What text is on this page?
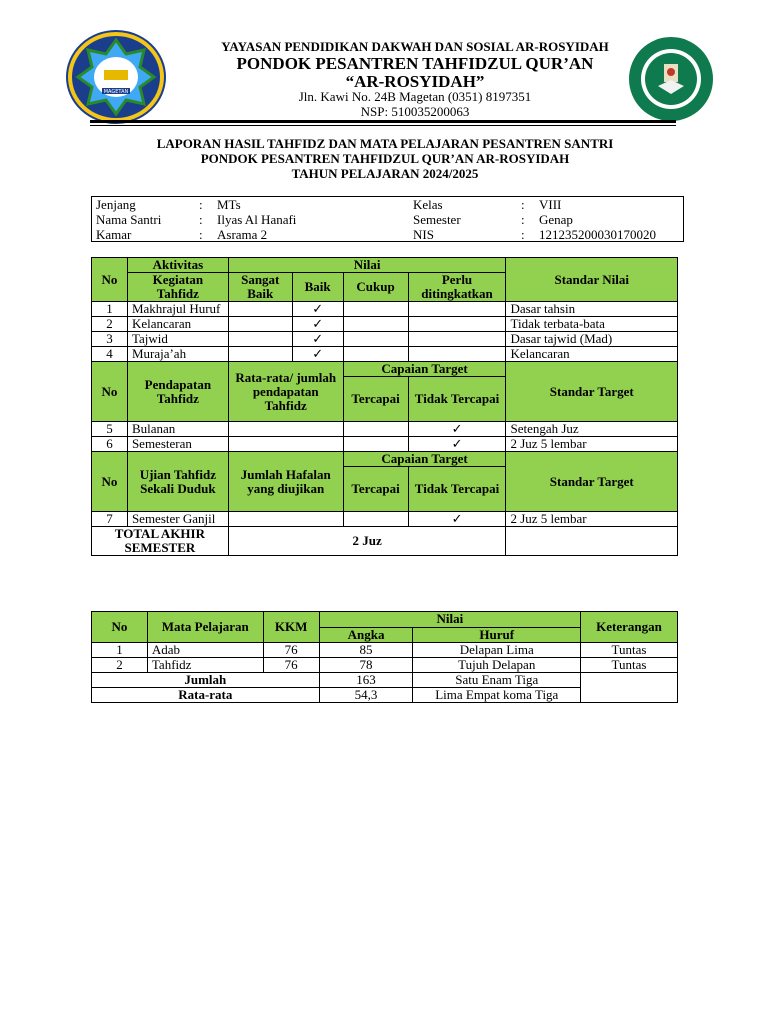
MAGETAN
YAYASAN PENDIDIKAN DAKWAH DAN SOSIAL AR-ROSYIDAH
PONDOK PESANTREN TAHFIDZUL QUR’AN
“AR-ROSYIDAH”
Jln. Kawi No. 24B Magetan (0351) 8197351
NSP: 510035200063
LAPORAN HASIL TAHFIDZ DAN MATA PELAJARAN PESANTREN SANTRI
PONDOK PESANTREN TAHFIDZUL QUR’AN AR-ROSYIDAH
TAHUN PELAJARAN 2024/2025
Jenjang	:	MTs	Kelas	:	VIII
Nama Santri	:	Ilyas Al Hanafi	Semester	:	Genap
Kamar	:	Asrama 2	NIS	:	121235200030170020
No	Aktivitas	Nilai				Standar Nilai
	Kegiatan Tahfidz	Sangat Baik	Baik	Cukup	Perlu ditingkatkan	
1	Makhrajul Huruf		✓			Dasar tahsin
2	Kelancaran		✓			Tidak terbata-bata
3	Tajwid		✓			Dasar tajwid (Mad)
4	Muraja’ah		✓			Kelancaran
No	Pendapatan Tahfidz	Rata-rata/ jumlah pendapatan Tahfidz		Capaian Target		Standar Target
				Tercapai	Tidak Tercapai	
5	Bulanan				✓	Setengah Juz
6	Semesteran				✓	2 Juz 5 lembar
No	Ujian Tahfidz Sekali Duduk	Jumlah Hafalan yang diujikan		Capaian Target		Standar Target
				Tercapai	Tidak Tercapai	
7	Semester Ganjil				✓	2 Juz 5 lembar
TOTAL AKHIR SEMESTER		2 Juz				
No	Mata Pelajaran	KKM	Nilai		Keterangan
			Angka	Huruf	
1	Adab	76	85	Delapan Lima	Tuntas
2	Tahfidz	76	78	Tujuh Delapan	Tuntas
Jumlah			163	Satu Enam Tiga	
Rata-rata			54,3	Lima Empat koma Tiga	
